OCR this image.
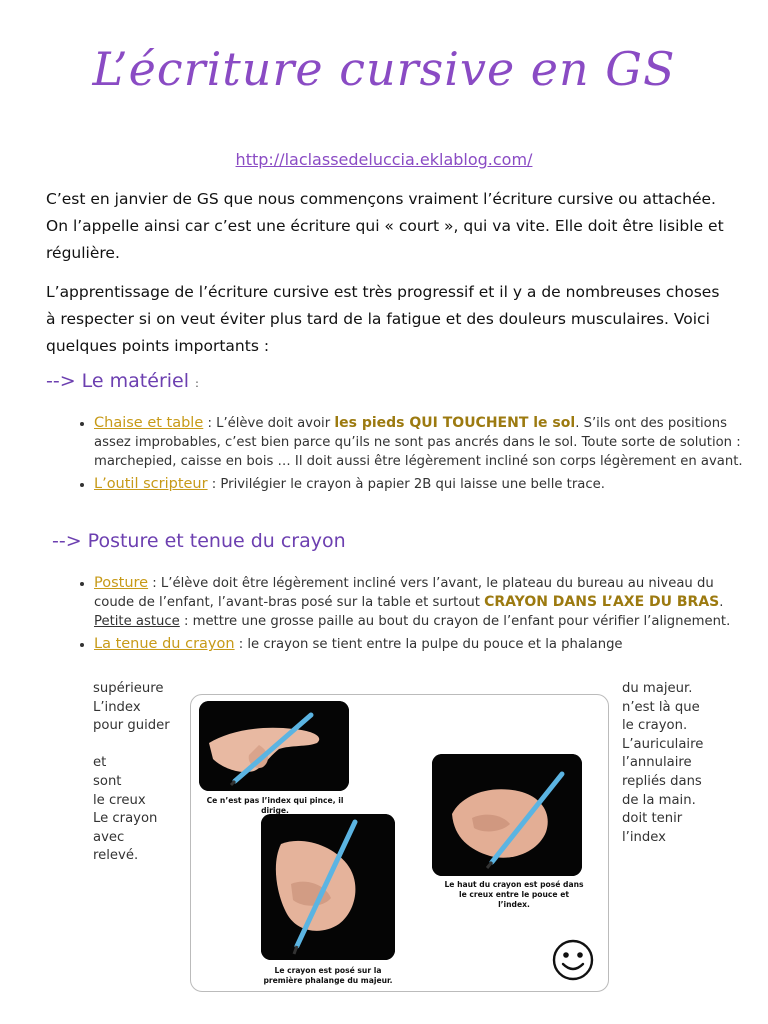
L’écriture cursive en GS
http://laclassedeluccia.eklablog.com/
C’est en janvier de GS que nous commençons vraiment l’écriture cursive ou attachée. On l’appelle ainsi car c’est une écriture qui « court », qui va vite. Elle doit être lisible et régulière.
L’apprentissage de l’écriture cursive est très progressif et il y a de nombreuses choses à respecter si on veut éviter plus tard de la fatigue et des douleurs musculaires. Voici quelques points importants :
--> Le matériel :
• Chaise et table : L’élève doit avoir les pieds QUI TOUCHENT le sol. S’ils ont des positions assez improbables, c’est bien parce qu’ils ne sont pas ancrés dans le sol. Toute sorte de solution : marchepied, caisse en bois … Il doit aussi être légèrement incliné son corps légèrement en avant.
• L’outil scripteur : Privilégier le crayon à papier 2B qui laisse une belle trace.
--> Posture et tenue du crayon
• Posture : L’élève doit être légèrement incliné vers l’avant, le plateau du bureau au niveau du coude de l’enfant, l’avant-bras posé sur la table et surtout CRAYON DANS L’AXE DU BRAS. Petite astuce : mettre une grosse paille au bout du crayon de l’enfant pour vérifier l’alignement.
• La tenue du crayon : le crayon se tient entre la pulpe du pouce et la phalange
supérieure
L’index
pour guider

et
sont
le creux
Le crayon
avec
relevé.
du majeur.
n’est là que
le crayon.
L’auriculaire
l’annulaire
repliés dans
de la main.
doit tenir
l’index
Ce n’est pas l’index qui pince, il dirige.
Le haut du crayon est posé dans le creux entre le pouce et l’index.
Le crayon est posé sur la première phalange du majeur.
